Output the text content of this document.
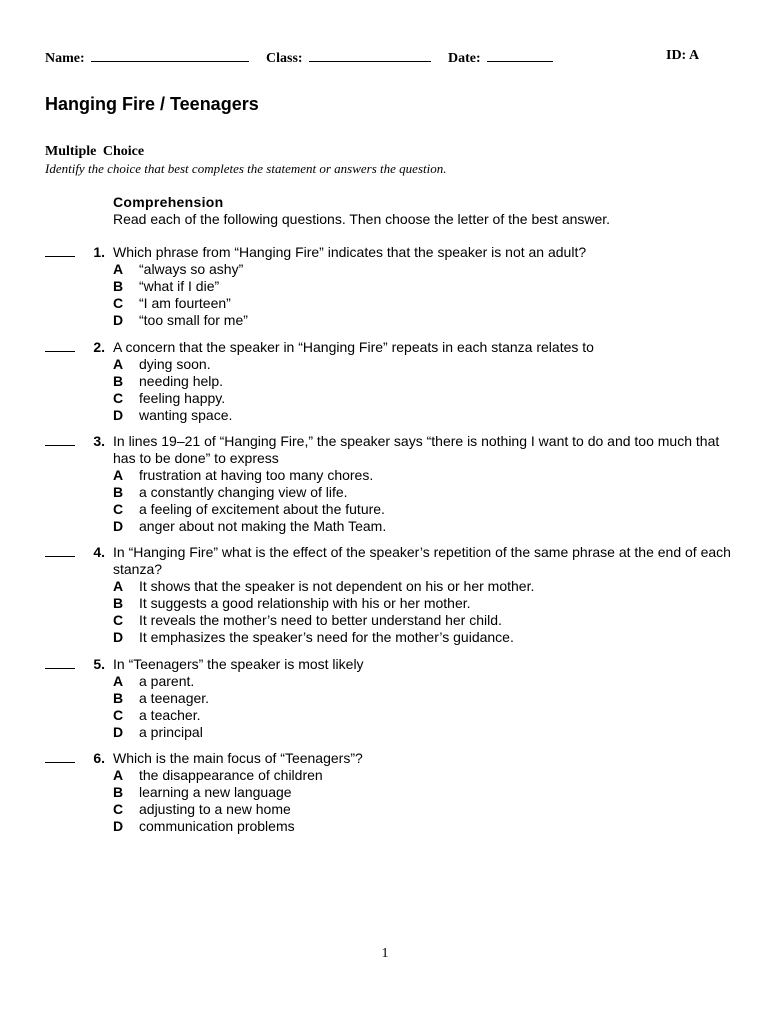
Name:	Class:	Date:	ID: A
Hanging Fire / Teenagers
Multiple Choice
Identify the choice that best completes the statement or answers the question.
Comprehension
Read each of the following questions. Then choose the letter of the best answer.
1. Which phrase from “Hanging Fire” indicates that the speaker is not an adult?
A “always so ashy”
B “what if I die”
C “I am fourteen”
D “too small for me”
2. A concern that the speaker in “Hanging Fire” repeats in each stanza relates to
A dying soon.
B needing help.
C feeling happy.
D wanting space.
3. In lines 19–21 of “Hanging Fire,” the speaker says “there is nothing I want to do and too much that has to be done” to express
A frustration at having too many chores.
B a constantly changing view of life.
C a feeling of excitement about the future.
D anger about not making the Math Team.
4. In “Hanging Fire” what is the effect of the speaker’s repetition of the same phrase at the end of each stanza?
A It shows that the speaker is not dependent on his or her mother.
B It suggests a good relationship with his or her mother.
C It reveals the mother’s need to better understand her child.
D It emphasizes the speaker’s need for the mother’s guidance.
5. In “Teenagers” the speaker is most likely
A a parent.
B a teenager.
C a teacher.
D a principal
6. Which is the main focus of “Teenagers”?
A the disappearance of children
B learning a new language
C adjusting to a new home
D communication problems
1
